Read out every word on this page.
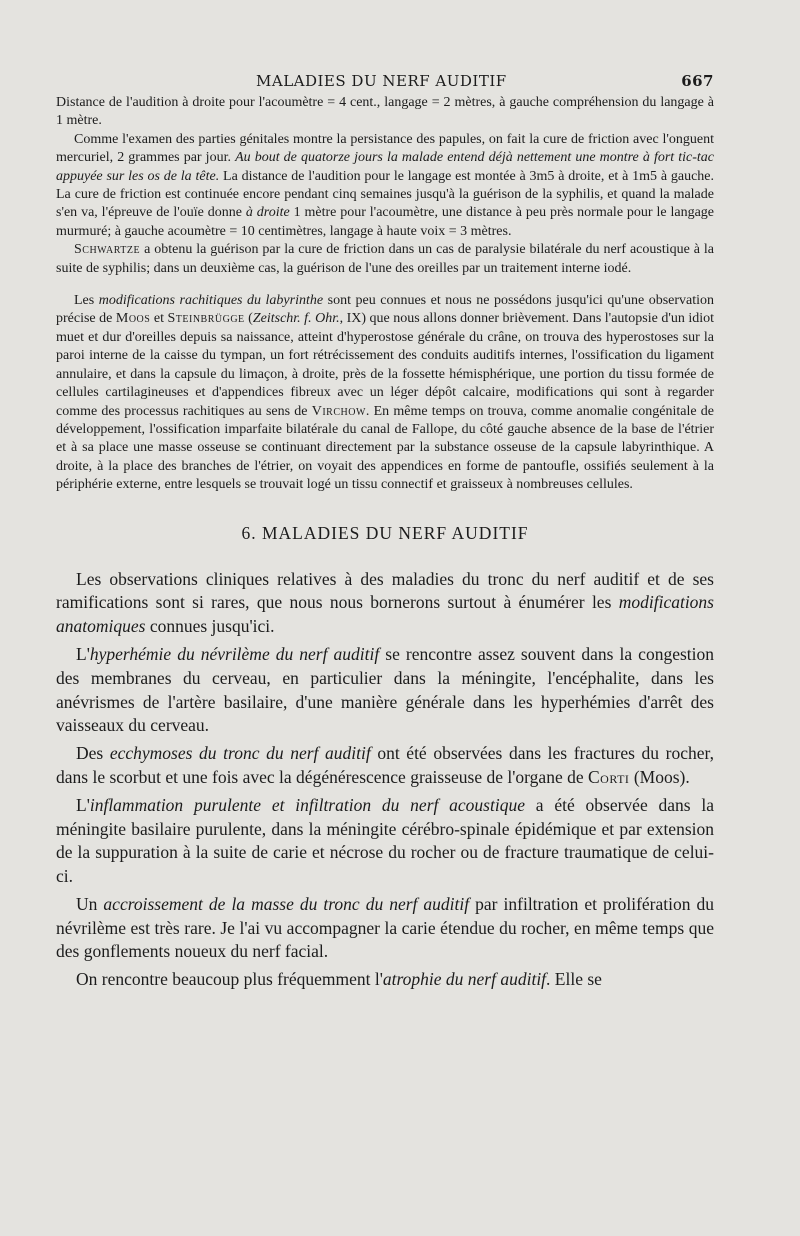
MALADIES DU NERF AUDITIF	667

Distance de l'audition à droite pour l'acoumètre = 4 cent., langage = 2 mètres, à gauche compréhension du langage à 1 mètre.

Comme l'examen des parties génitales montre la persistance des papules, on fait la cure de friction avec l'onguent mercuriel, 2 grammes par jour. Au bout de quatorze jours la malade entend déjà nettement une montre à fort tic-tac appuyée sur les os de la tête. La distance de l'audition pour le langage est montée à 3m5 à droite, et à 1m5 à gauche. La cure de friction est continuée encore pendant cinq semaines jusqu'à la guérison de la syphilis, et quand la malade s'en va, l'épreuve de l'ouïe donne à droite 1 mètre pour l'acoumètre, une distance à peu près normale pour le langage murmuré; à gauche acoumètre = 10 centimètres, langage à haute voix = 3 mètres.

Schwartze a obtenu la guérison par la cure de friction dans un cas de paralysie bilatérale du nerf acoustique à la suite de syphilis; dans un deuxième cas, la guérison de l'une des oreilles par un traitement interne iodé.

Les modifications rachitiques du labyrinthe sont peu connues et nous ne possédons jusqu'ici qu'une observation précise de Moos et Steinbrügge (Zeitschr. f. Ohr., IX) que nous allons donner brièvement. Dans l'autopsie d'un idiot muet et dur d'oreilles depuis sa naissance, atteint d'hyperostose générale du crâne, on trouva des hyperostoses sur la paroi interne de la caisse du tympan, un fort rétrécissement des conduits auditifs internes, l'ossification du ligament annulaire, et dans la capsule du limaçon, à droite, près de la fossette hémisphérique, une portion du tissu formée de cellules cartilagineuses et d'appendices fibreux avec un léger dépôt calcaire, modifications qui sont à regarder comme des processus rachitiques au sens de Virchow. En même temps on trouva, comme anomalie congénitale de développement, l'ossification imparfaite bilatérale du canal de Fallope, du côté gauche absence de la base de l'étrier et à sa place une masse osseuse se continuant directement par la substance osseuse de la capsule labyrinthique. A droite, à la place des branches de l'étrier, on voyait des appendices en forme de pantoufle, ossifiés seulement à la périphérie externe, entre lesquels se trouvait logé un tissu connectif et graisseux à nombreuses cellules.

6. MALADIES DU NERF AUDITIF

Les observations cliniques relatives à des maladies du tronc du nerf auditif et de ses ramifications sont si rares, que nous nous bornerons surtout à énumérer les modifications anatomiques connues jusqu'ici.

L'hyperhémie du névrilème du nerf auditif se rencontre assez souvent dans la congestion des membranes du cerveau, en particulier dans la méningite, l'encéphalite, dans les anévrismes de l'artère basilaire, d'une manière générale dans les hyperhémies d'arrêt des vaisseaux du cerveau.

Des ecchymoses du tronc du nerf auditif ont été observées dans les fractures du rocher, dans le scorbut et une fois avec la dégénérescence graisseuse de l'organe de Corti (Moos).

L'inflammation purulente et infiltration du nerf acoustique a été observée dans la méningite basilaire purulente, dans la méningite cérébro-spinale épidémique et par extension de la suppuration à la suite de carie et nécrose du rocher ou de fracture traumatique de celui-ci.

Un accroissement de la masse du tronc du nerf auditif par infiltration et prolifération du névrilème est très rare. Je l'ai vu accompagner la carie étendue du rocher, en même temps que des gonflements noueux du nerf facial.

On rencontre beaucoup plus fréquemment l'atrophie du nerf auditif. Elle se
